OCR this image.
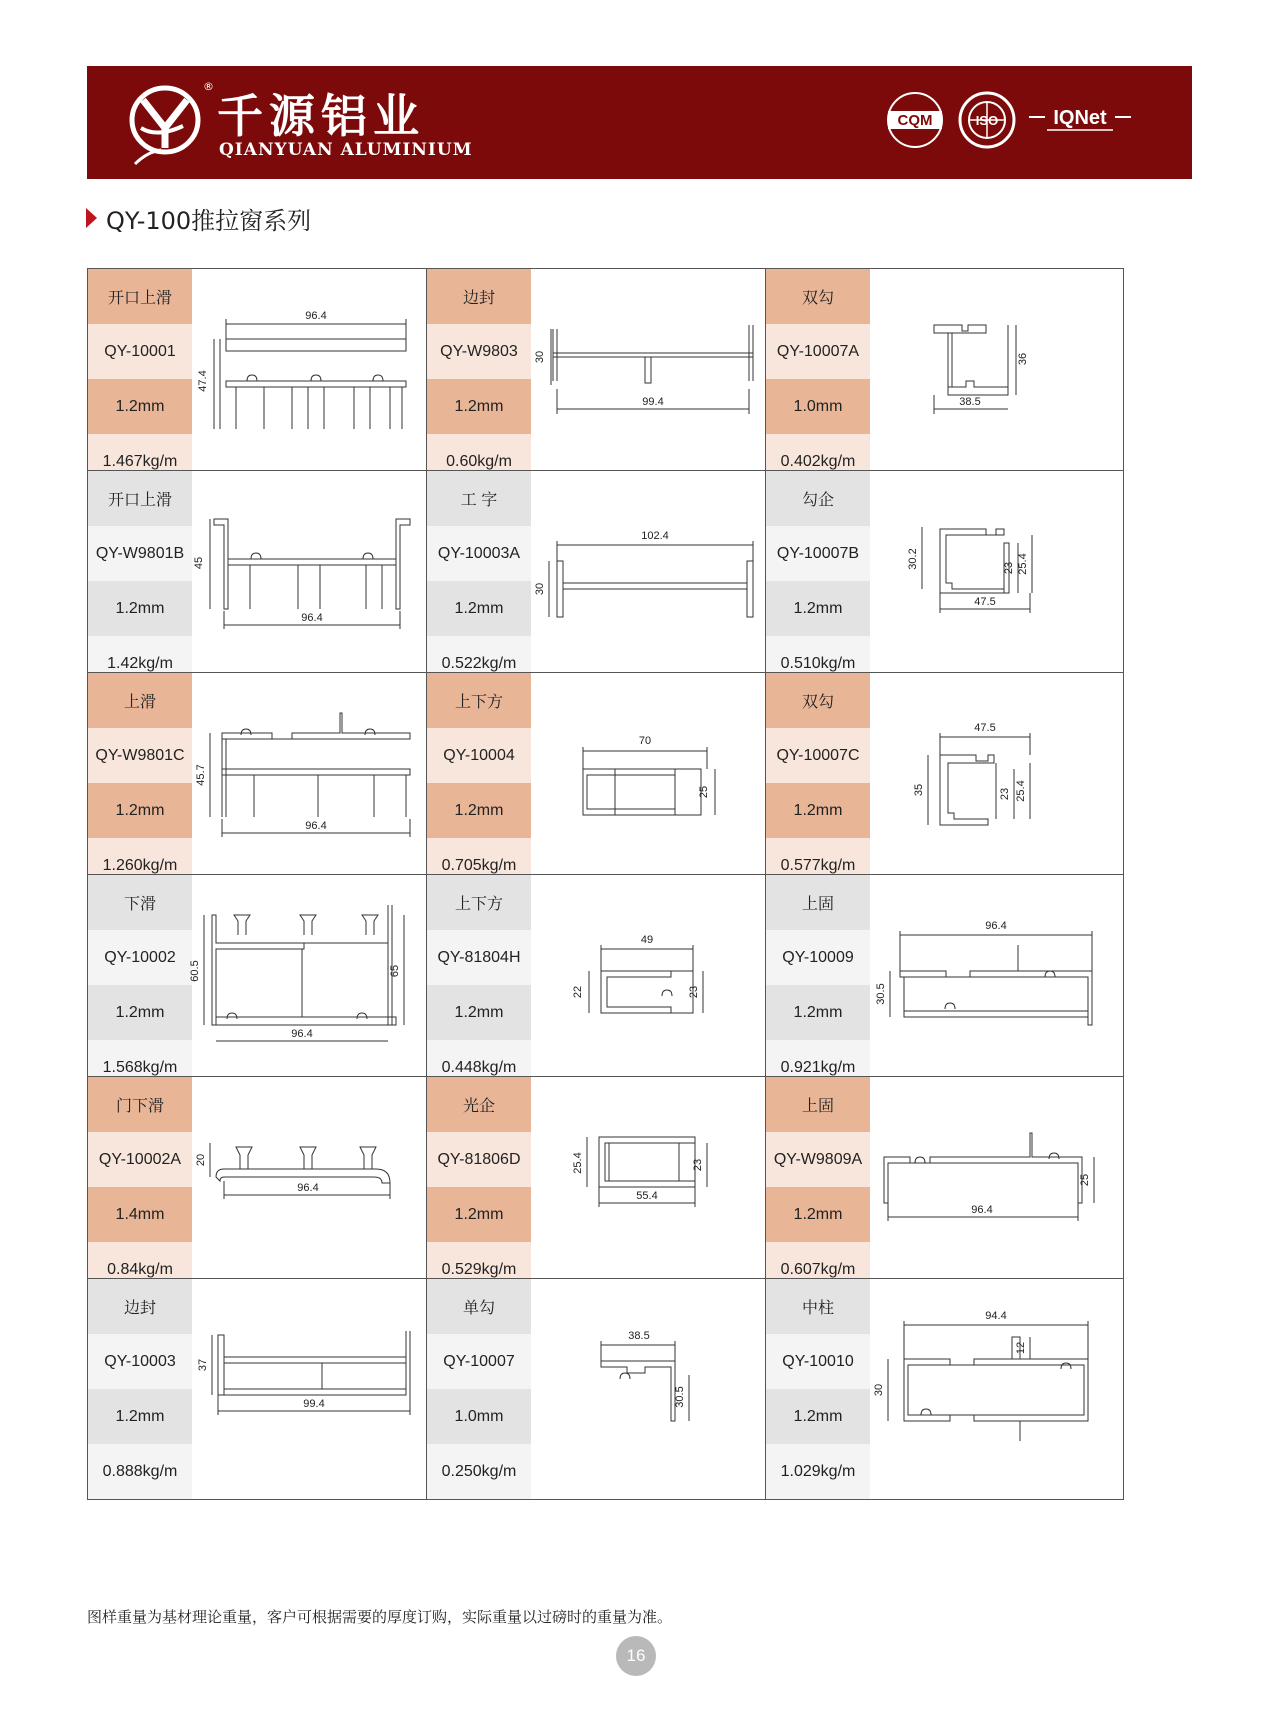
®
千源铝业
QIANYUAN ALUMINIUM
CQM	ISO	IQNet
QY-100推拉窗系列
开口上滑
QY-10001
1.2mm
1.467kg/m
96.4
47.4
边封
QY-W9803
1.2mm
0.60kg/m
30
99.4
双勾
QY-10007A
1.0mm
0.402kg/m
36
38.5
开口上滑
QY-W9801B
1.2mm
1.42kg/m
45
96.4
工 字
QY-10003A
1.2mm
0.522kg/m
102.4
30
勾企
QY-10007B
1.2mm
0.510kg/m
30.2	23 25.4
47.5
上滑
QY-W9801C
1.2mm
1.260kg/m
45.7
96.4
上下方
QY-10004
1.2mm
0.705kg/m
70
25
双勾
QY-10007C
1.2mm
0.577kg/m
47.5
35	23 25.4
下滑
QY-10002
1.2mm
1.568kg/m
60.5	65
96.4
上下方
QY-81804H
1.2mm
0.448kg/m
49
22	23
上固
QY-10009
1.2mm
0.921kg/m
96.4
30.5
门下滑
QY-10002A
1.4mm
0.84kg/m
20
96.4
光企
QY-81806D
1.2mm
0.529kg/m
25.4	23
55.4
上固
QY-W9809A
1.2mm
0.607kg/m
25
96.4
边封
QY-10003
1.2mm
0.888kg/m
37
99.4
单勾
QY-10007
1.0mm
0.250kg/m
38.5
30.5
中柱
QY-10010
1.2mm
1.029kg/m
94.4
12
30
图样重量为基材理论重量，客户可根据需要的厚度订购，实际重量以过磅时的重量为准。
16
